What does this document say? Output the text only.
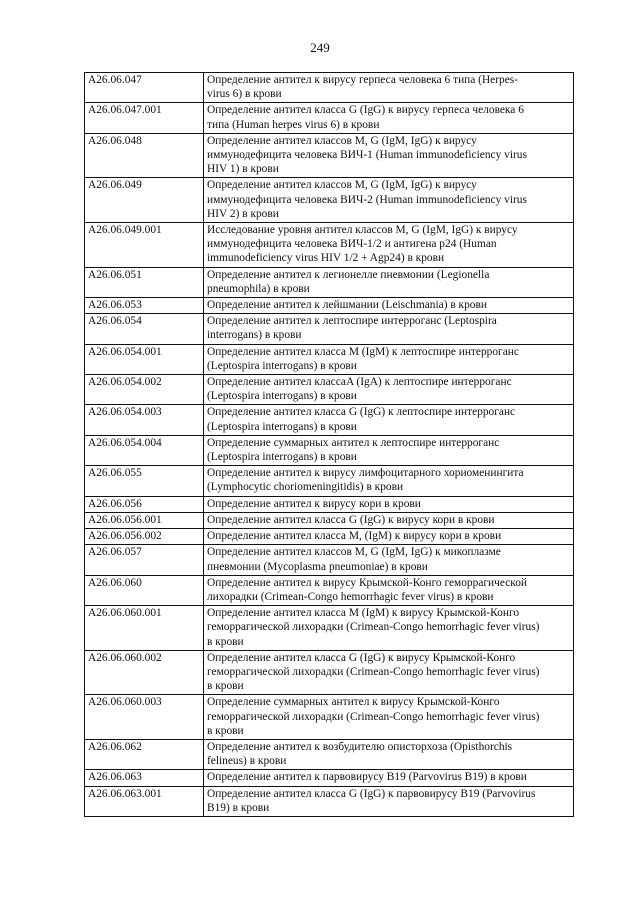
249
A26.06.047	Определение антител к вирусу герпеса человека 6 типа (Herpes-
virus 6) в крови
A26.06.047.001	Определение антител класса G (IgG) к вирусу герпеса человека 6
типа (Human herpes virus 6) в крови
A26.06.048	Определение антител классов M, G (IgM, IgG) к вирусу
иммунодефицита человека ВИЧ-1 (Human immunodeficiency virus
HIV 1) в крови
A26.06.049	Определение антител классов M, G (IgM, IgG) к вирусу
иммунодефицита человека ВИЧ-2 (Human immunodeficiency virus
HIV 2) в крови
A26.06.049.001	Исследование уровня антител классов M, G (IgM, IgG) к вирусу
иммунодефицита человека ВИЧ-1/2 и антигена p24 (Human
immunodeficiency virus HIV 1/2 + Agp24) в крови
A26.06.051	Определение антител к легионелле пневмонии (Legionella
pneumophila) в крови
A26.06.053	Определение антител к лейшмании (Leischmania) в крови
A26.06.054	Определение антител к лептоспире интерроганс (Leptospira
interrogans) в крови
A26.06.054.001	Определение антител класса M (IgM) к лептоспире интерроганс
(Leptospira interrogans) в крови
A26.06.054.002	Определение антител классаA (IgA) к лептоспире интерроганс
(Leptospira interrogans) в крови
A26.06.054.003	Определение антител класса G (IgG) к лептоспире интерроганс
(Leptospira interrogans) в крови
A26.06.054.004	Определение суммарных антител к лептоспире интерроганс
(Leptospira interrogans) в крови
A26.06.055	Определение антител к вирусу лимфоцитарного хориоменингита
(Lymphocytic choriomeningitidis) в крови
A26.06.056	Определение антител к вирусу кори в крови
A26.06.056.001	Определение антител класса G (IgG) к вирусу кори в крови
A26.06.056.002	Определение антител класса M, (IgM) к вирусу кори в крови
A26.06.057	Определение антител классов M, G (IgM, IgG) к микоплазме
пневмонии (Mycoplasma pneumoniae) в крови
A26.06.060	Определение антител к вирусу Крымской-Конго геморрагической
лихорадки (Crimean-Congo hemorrhagic fever virus) в крови
A26.06.060.001	Определение антител класса M (IgM) к вирусу Крымской-Конго
геморрагической лихорадки (Crimean-Congo hemorrhagic fever virus)
в крови
A26.06.060.002	Определение антител класса G (IgG) к вирусу Крымской-Конго
геморрагической лихорадки (Crimean-Congo hemorrhagic fever virus)
в крови
A26.06.060.003	Определение суммарных антител к вирусу Крымской-Конго
геморрагической лихорадки (Crimean-Congo hemorrhagic fever virus)
в крови
A26.06.062	Определение антител к возбудителю описторхоза (Opisthorchis
felineus) в крови
A26.06.063	Определение антител к парвовирусу B19 (Parvovirus B19) в крови
A26.06.063.001	Определение антител класса G (IgG) к парвовирусу B19 (Parvovirus
B19) в крови
